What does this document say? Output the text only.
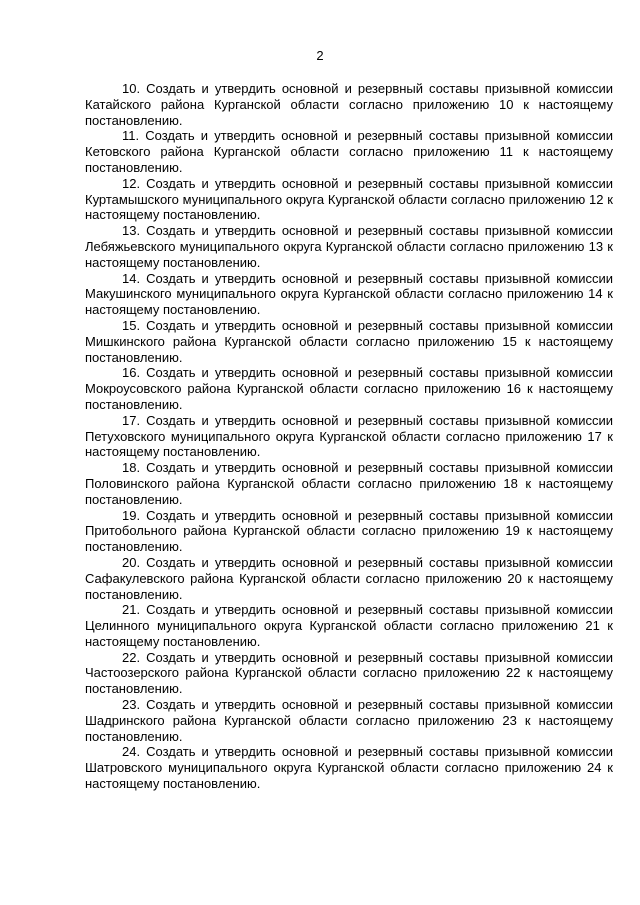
2

10. Создать и утвердить основной и резервный составы призывной комиссии Катайского района Курганской области согласно приложению 10 к настоящему постановлению.

11. Создать и утвердить основной и резервный составы призывной комиссии Кетовского района Курганской области согласно приложению 11 к настоящему постановлению.

12. Создать и утвердить основной и резервный составы призывной комиссии Куртамышского муниципального округа Курганской области согласно приложению 12 к настоящему постановлению.

13. Создать и утвердить основной и резервный составы призывной комиссии Лебяжьевского муниципального округа Курганской области согласно приложению 13 к настоящему постановлению.

14. Создать и утвердить основной и резервный составы призывной комиссии Макушинского муниципального округа Курганской области согласно приложению 14 к настоящему постановлению.

15. Создать и утвердить основной и резервный составы призывной комиссии Мишкинского района Курганской области согласно приложению 15 к настоящему постановлению.

16. Создать и утвердить основной и резервный составы призывной комиссии Мокроусовского района Курганской области согласно приложению 16 к настоящему постановлению.

17. Создать и утвердить основной и резервный составы призывной комиссии Петуховского муниципального округа Курганской области согласно приложению 17 к настоящему постановлению.

18. Создать и утвердить основной и резервный составы призывной комиссии Половинского района Курганской области согласно приложению 18 к настоящему постановлению.

19. Создать и утвердить основной и резервный составы призывной комиссии Притобольного района Курганской области согласно приложению 19 к настоящему постановлению.

20. Создать и утвердить основной и резервный составы призывной комиссии Сафакулевского района Курганской области согласно приложению 20 к настоящему постановлению.

21. Создать и утвердить основной и резервный составы призывной комиссии Целинного муниципального округа Курганской области согласно приложению 21 к настоящему постановлению.

22. Создать и утвердить основной и резервный составы призывной комиссии Частоозерского района Курганской области согласно приложению 22 к настоящему постановлению.

23. Создать и утвердить основной и резервный составы призывной комиссии Шадринского района Курганской области согласно приложению 23 к настоящему постановлению.

24. Создать и утвердить основной и резервный составы призывной комиссии Шатровского муниципального округа Курганской области согласно приложению 24 к настоящему постановлению.
